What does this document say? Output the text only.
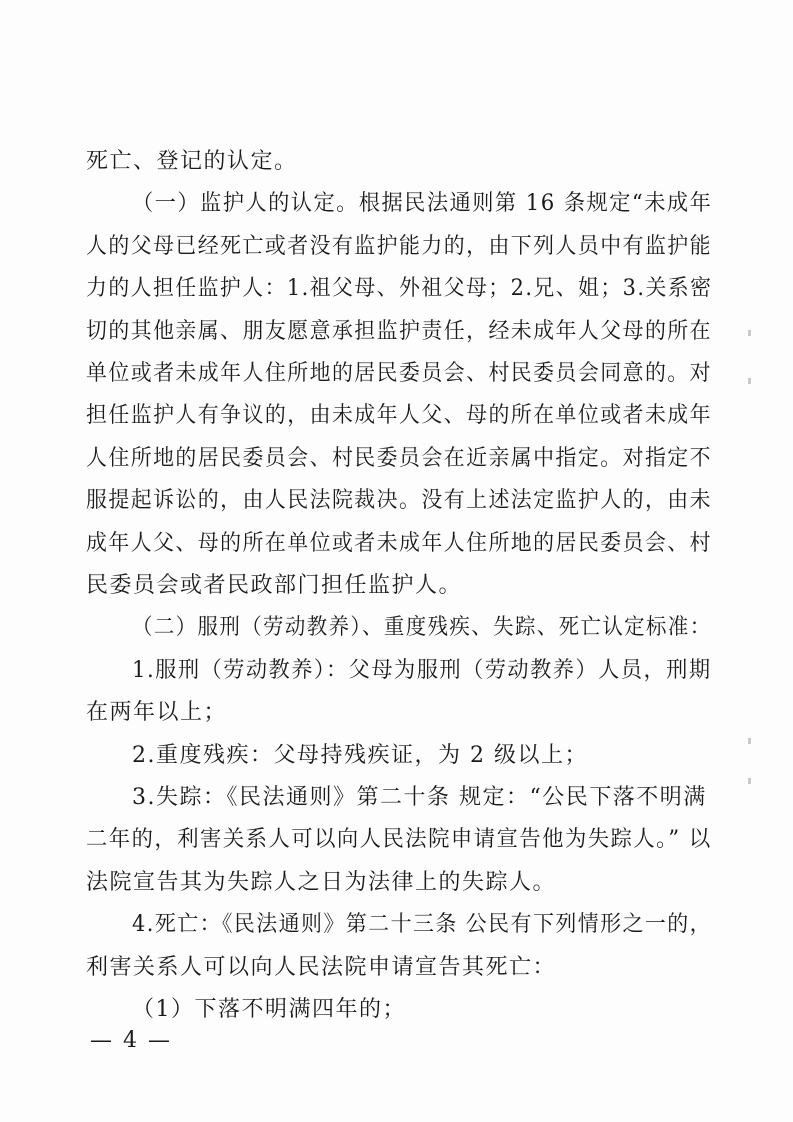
死亡、登记的认定。
（一）监护人的认定。根据民法通则第 16 条规定“未成年
人的父母已经死亡或者没有监护能力的，由下列人员中有监护能
力的人担任监护人：1.祖父母、外祖父母；2.兄、姐；3.关系密
切的其他亲属、朋友愿意承担监护责任，经未成年人父母的所在
单位或者未成年人住所地的居民委员会、村民委员会同意的。对
担任监护人有争议的，由未成年人父、母的所在单位或者未成年
人住所地的居民委员会、村民委员会在近亲属中指定。对指定不
服提起诉讼的，由人民法院裁决。没有上述法定监护人的，由未
成年人父、母的所在单位或者未成年人住所地的居民委员会、村
民委员会或者民政部门担任监护人。
（二）服刑（劳动教养）、重度残疾、失踪、死亡认定标准：
1.服刑（劳动教养）：父母为服刑（劳动教养）人员，刑期
在两年以上；
2.重度残疾：父母持残疾证，为 2 级以上；
3.失踪：《民法通则》第二十条 规定：“公民下落不明满
二年的，利害关系人可以向人民法院申请宣告他为失踪人。” 以
法院宣告其为失踪人之日为法律上的失踪人。
4.死亡：《民法通则》第二十三条 公民有下列情形之一的，
利害关系人可以向人民法院申请宣告其死亡：
（1）下落不明满四年的；
— 4 —
